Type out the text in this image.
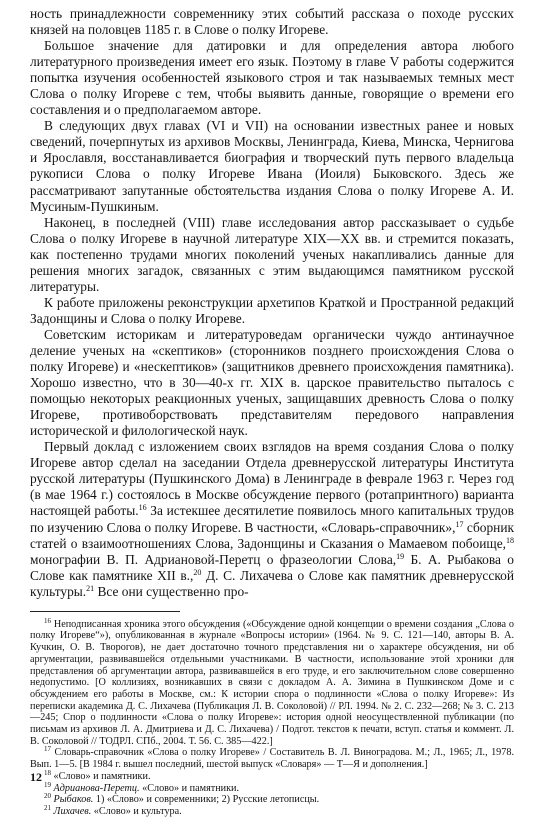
ность принадлежности современнику этих событий рассказа о походе русских князей на половцев 1185 г. в Слове о полку Игореве.

Большое значение для датировки и для определения автора любого литературного произведения имеет его язык. Поэтому в главе V работы содержится попытка изучения особенностей языкового строя и так называемых темных мест Слова о полку Игореве с тем, чтобы выявить данные, говорящие о времени его составления и о предполагаемом авторе.

В следующих двух главах (VI и VII) на основании известных ранее и новых сведений, почерпнутых из архивов Москвы, Ленинграда, Киева, Минска, Чернигова и Ярославля, восстанавливается биография и творческий путь первого владельца рукописи Слова о полку Игореве Ивана (Иоиля) Быковского. Здесь же рассматривают запутанные обстоятельства издания Слова о полку Игореве А. И. Мусиным-Пушкиным.

Наконец, в последней (VIII) главе исследования автор рассказывает о судьбе Слова о полку Игореве в научной литературе XIX—XX вв. и стремится показать, как постепенно трудами многих поколений ученых накапливались данные для решения многих загадок, связанных с этим выдающимся памятником русской литературы.

К работе приложены реконструкции архетипов Краткой и Пространной редакций Задонщины и Слова о полку Игореве.

Советским историкам и литературоведам органически чуждо антинаучное деление ученых на «скептиков» (сторонников позднего происхождения Слова о полку Игореве) и «нескептиков» (защитников древнего происхождения памятника). Хорошо известно, что в 30—40-х гг. XIX в. царское правительство пыталось с помощью некоторых реакционных ученых, защищавших древность Слова о полку Игореве, противоборствовать представителям передового направления исторической и филологической наук.

Первый доклад с изложением своих взглядов на время создания Слова о полку Игореве автор сделал на заседании Отдела древнерусской литературы Института русской литературы (Пушкинского Дома) в Ленинграде в феврале 1963 г. Через год (в мае 1964 г.) состоялось в Москве обсуждение первого (ротапринтного) варианта настоящей работы.$^{16}$ За истекшее десятилетие появилось много капитальных трудов по изучению Слова о полку Игореве. В частности, «Словарь-справочник»,$^{17}$ сборник статей о взаимоотношениях Слова, Задонщины и Сказания о Мамаевом побоище,$^{18}$ монографии В. П. Адриановой-Перетц о фразеологии Слова,$^{19}$ Б. А. Рыбакова о Слове как памятнике XII в.,$^{20}$ Д. С. Лихачева о Слове как памятник древнерусской культуры.$^{21}$ Все они существенно про-

$^{16}$ Неподписанная хроника этого обсуждения («Обсуждение одной концепции о времени создания „Слова о полку Игореве“»), опубликованная в журнале «Вопросы истории» (1964. № 9. С. 121—140, авторы В. А. Кучкин, О. В. Творогов), не дает достаточно точного представления ни о характере обсуждения, ни об аргументации, развивавшейся отдельными участниками. В частности, использование этой хроники для представления об аргументации автора, развивавшейся в его труде, и его заключительном слове совершенно недопустимо. [О коллизиях, возникавших в связи с докладом А. А. Зимина в Пушкинском Доме и с обсуждением его работы в Москве, см.: К истории спора о подлинности «Слова о полку Игореве»: Из переписки академика Д. С. Лихачева (Публикация Л. В. Соколовой) // РЛ. 1994. № 2. С. 232—268; № 3. С. 213—245; Спор о подлинности «Слова о полку Игореве»: история одной неосуществленной публикации (по письмам из архивов Л. А. Дмитриева и Д. С. Лихачева) / Подгот. текстов к печати, вступ. статья и коммент. Л. В. Соколовой // ТОДРЛ. СПб., 2004. Т. 56. С. 385—422.]

$^{17}$ Словарь-справочник «Слова о полку Игореве» / Составитель В. Л. Виноградова. М.; Л., 1965; Л., 1978. Вып. 1—5. [В 1984 г. вышел последний, шестой выпуск «Словаря» — Т—Я и дополнения.]

$^{18}$ «Слово» и памятники.

$^{19}$ Адрианова-Перетц. «Слово» и памятники.

$^{20}$ Рыбаков. 1) «Слово» и современники; 2) Русские летописцы.

$^{21}$ Лихачев. «Слово» и культура.

12
